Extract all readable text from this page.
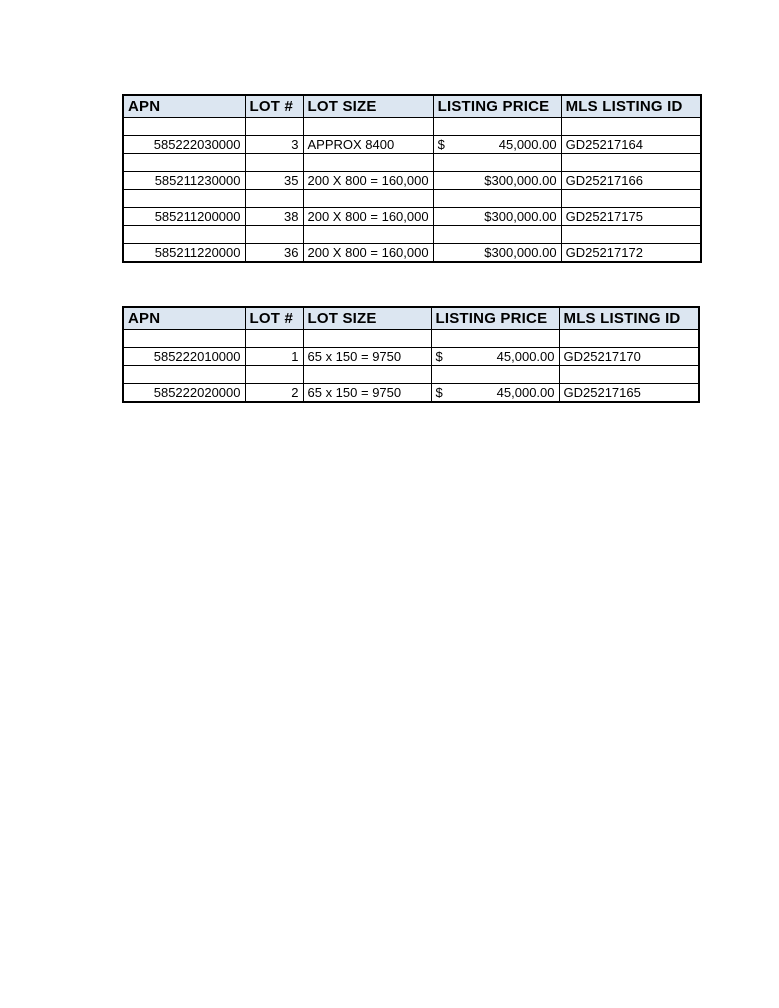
APN	LOT #	LOT SIZE	LISTING PRICE	MLS LISTING ID

585222030000	3	APPROX 8400	$ 45,000.00	GD25217164

585211230000	35	200 X 800 = 160,000	$300,000.00	GD25217166

585211200000	38	200 X 800 = 160,000	$300,000.00	GD25217175

585211220000	36	200 X 800 = 160,000	$300,000.00	GD25217172
APN	LOT #	LOT SIZE	LISTING PRICE	MLS LISTING ID

585222010000	1	65 x 150 = 9750	$ 45,000.00	GD25217170

585222020000	2	65 x 150 = 9750	$ 45,000.00	GD25217165
